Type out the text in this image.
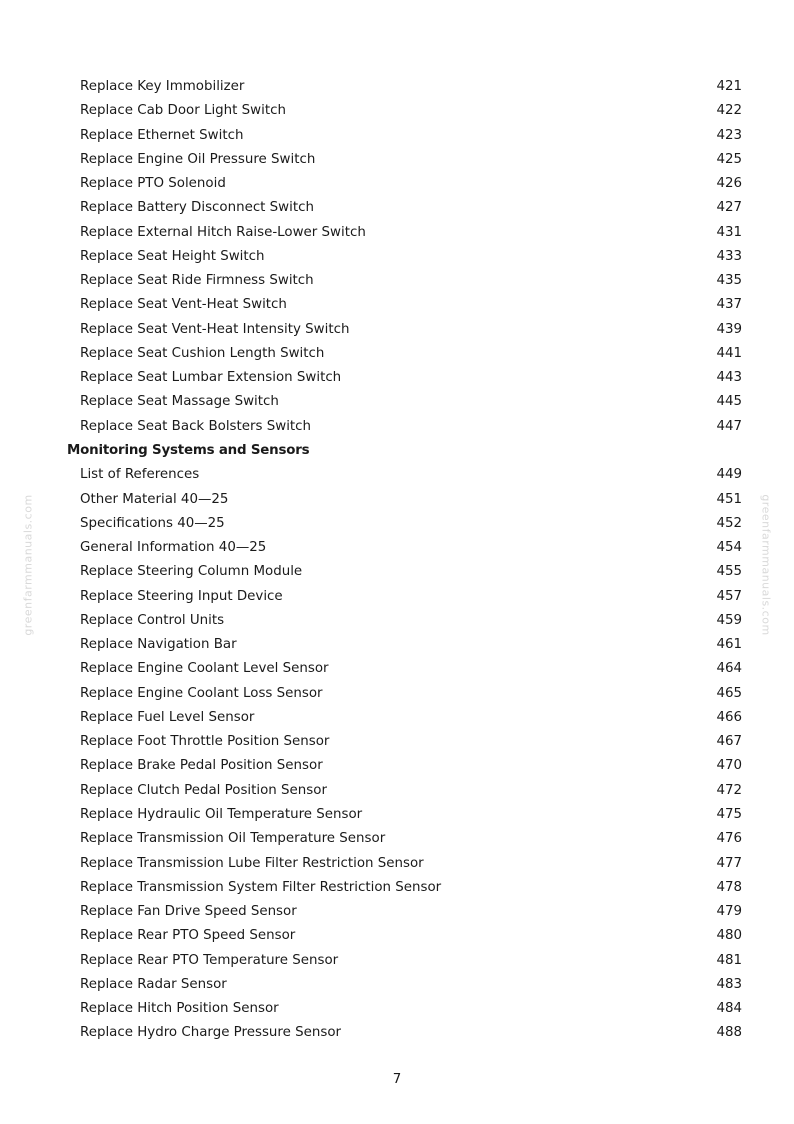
greenfarmmanuals.com	greenfarmmanuals.com
Replace Key Immobilizer	421
Replace Cab Door Light Switch	422
Replace Ethernet Switch	423
Replace Engine Oil Pressure Switch	425
Replace PTO Solenoid	426
Replace Battery Disconnect Switch	427
Replace External Hitch Raise-Lower Switch	431
Replace Seat Height Switch	433
Replace Seat Ride Firmness Switch	435
Replace Seat Vent-Heat Switch	437
Replace Seat Vent-Heat Intensity Switch	439
Replace Seat Cushion Length Switch	441
Replace Seat Lumbar Extension Switch	443
Replace Seat Massage Switch	445
Replace Seat Back Bolsters Switch	447
Monitoring Systems and Sensors
List of References	449
Other Material 40—25	451
Specifications 40—25	452
General Information 40—25	454
Replace Steering Column Module	455
Replace Steering Input Device	457
Replace Control Units	459
Replace Navigation Bar	461
Replace Engine Coolant Level Sensor	464
Replace Engine Coolant Loss Sensor	465
Replace Fuel Level Sensor	466
Replace Foot Throttle Position Sensor	467
Replace Brake Pedal Position Sensor	470
Replace Clutch Pedal Position Sensor	472
Replace Hydraulic Oil Temperature Sensor	475
Replace Transmission Oil Temperature Sensor	476
Replace Transmission Lube Filter Restriction Sensor	477
Replace Transmission System Filter Restriction Sensor	478
Replace Fan Drive Speed Sensor	479
Replace Rear PTO Speed Sensor	480
Replace Rear PTO Temperature Sensor	481
Replace Radar Sensor	483
Replace Hitch Position Sensor	484
Replace Hydro Charge Pressure Sensor	488
7
